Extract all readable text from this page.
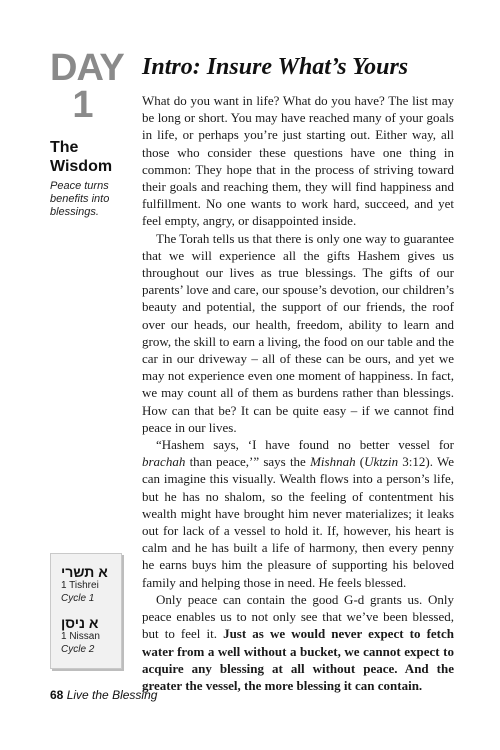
DAY
1
The
Wisdom
Peace turns benefits into blessings.
א תשרי
1 Tishrei
Cycle 1
א ניסן
1 Nissan
Cycle 2
Intro: Insure What’s Yours

What do you want in life? What do you have? The list may be long or short. You may have reached many of your goals in life, or perhaps you’re just starting out. Either way, all those who consider these questions have one thing in common: They hope that in the process of striving toward their goals and reaching them, they will find happiness and fulfillment. No one wants to work hard, succeed, and yet feel empty, angry, or disappointed inside.

The Torah tells us that there is only one way to guarantee that we will experience all the gifts Hashem gives us throughout our lives as true blessings. The gifts of our parents’ love and care, our spouse’s devotion, our children’s beauty and potential, the support of our friends, the roof over our heads, our health, freedom, ability to learn and grow, the skill to earn a living, the food on our table and the car in our driveway – all of these can be ours, and yet we may not experience even one moment of happiness. In fact, we may count all of them as burdens rather than blessings. How can that be? It can be quite easy – if we cannot find peace in our lives.

“Hashem says, ‘I have found no better vessel for brachah than peace,’” says the Mishnah (Uktzin 3:12). We can imagine this visually. Wealth flows into a person’s life, but he has no shalom, so the feeling of contentment his wealth might have brought him never materializes; it leaks out for lack of a vessel to hold it. If, however, his heart is calm and he has built a life of harmony, then every penny he earns buys him the pleasure of supporting his beloved family and helping those in need. He feels blessed.

Only peace can contain the good G-d grants us. Only peace enables us to not only see that we’ve been blessed, but to feel it. Just as we would never expect to fetch water from a well without a bucket, we cannot expect to acquire any blessing at all without peace. And the greater the vessel, the more blessing it can contain.

68 Live the Blessing
